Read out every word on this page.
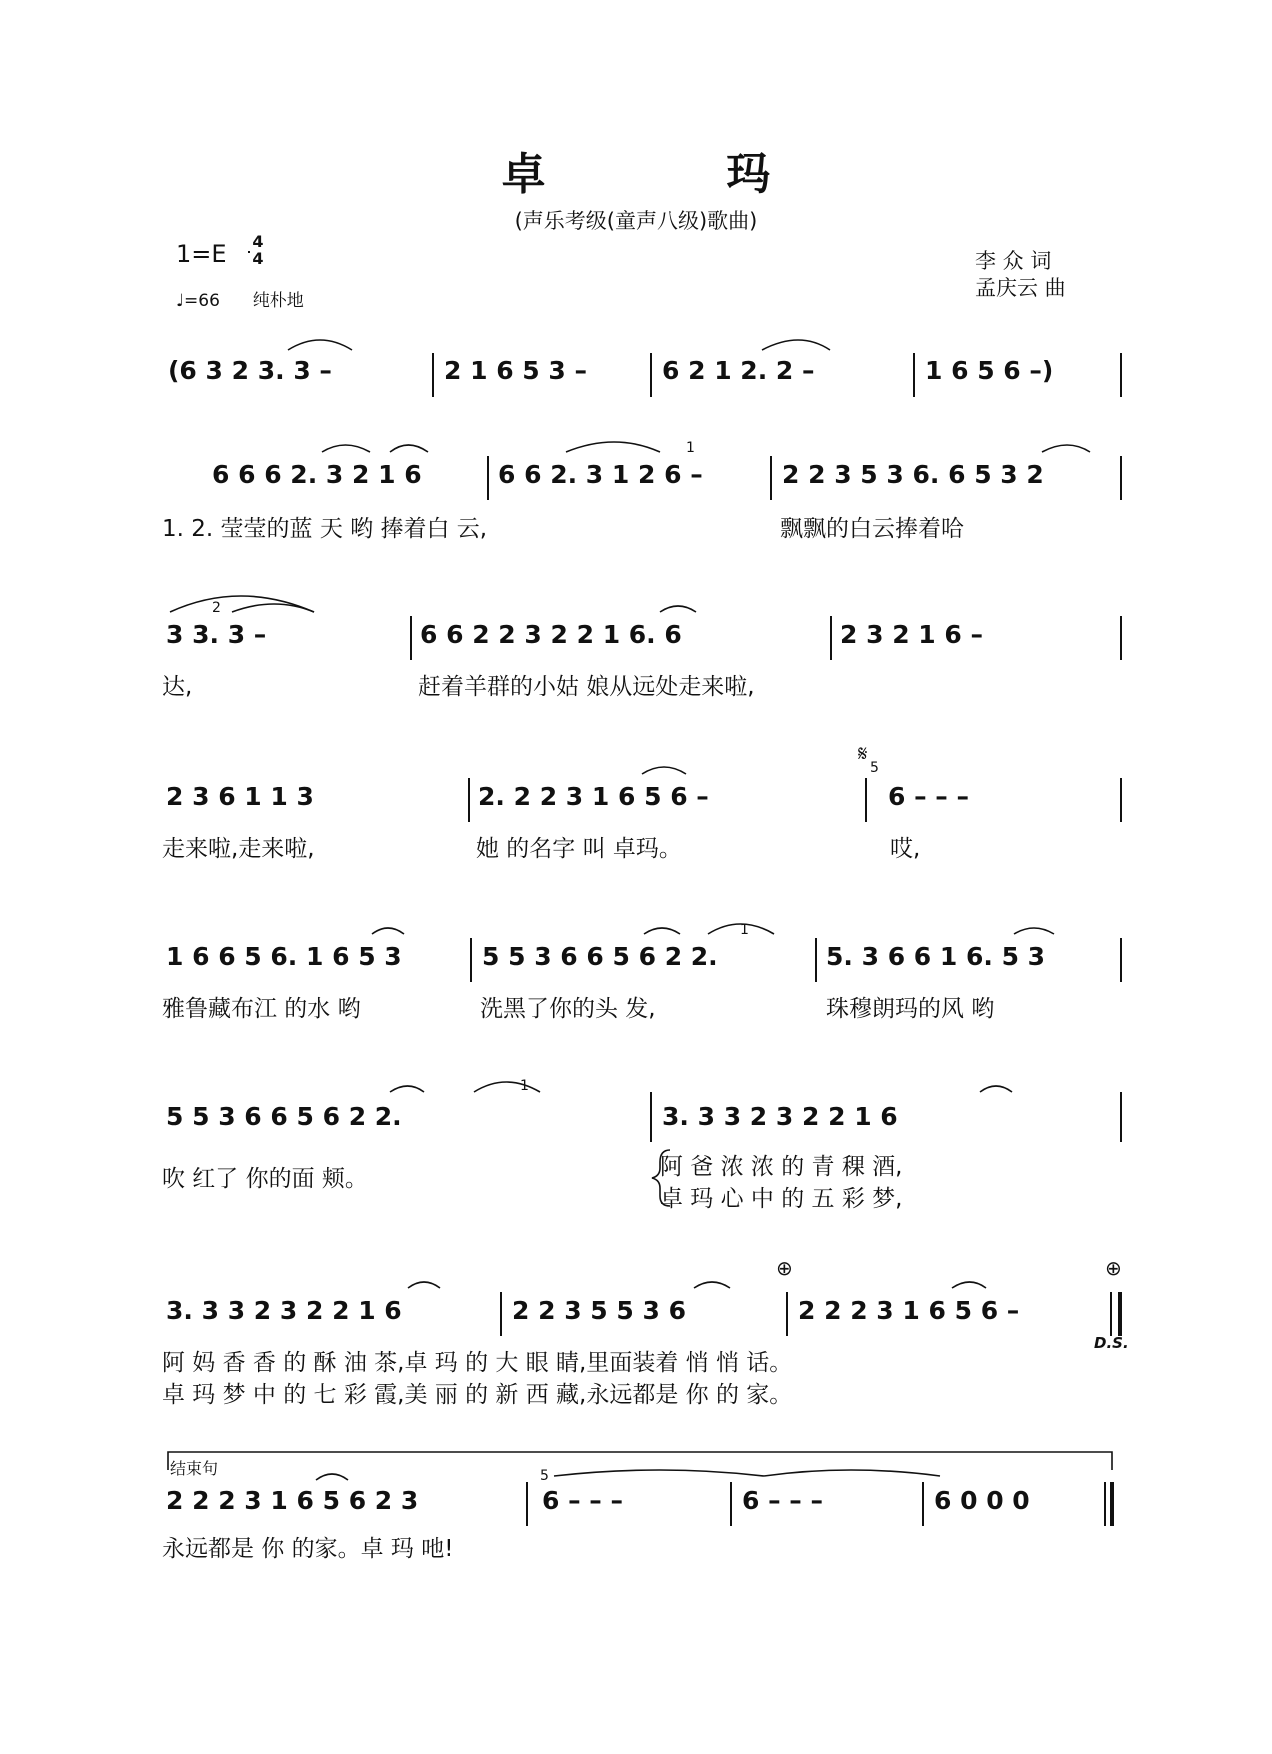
卓	玛
(声乐考级(童声八级)歌曲)
1=E 4
4
♩=66 纯朴地
李 众 词
孟庆云 曲
(6 3 2 3. 3 –	2 1 6 5 3 –	6 2 1 2. 2 –	1 6 5 6 –)
6 6 6 2. 3 2 1 6	6 6 2. 3 1 2 6 –	2 2 3 5 3 6. 6 5 3 2
1. 2. 莹莹的蓝 天 哟 捧着白 云,	飘飘的白云捧着哈
3 3. 3 –	6 6 2 2 3 2 2 1 6. 6	2 3 2 1 6 –
达,	赶着羊群的小姑 娘从远处走来啦,
2 3 6 1 1 3	2. 2 2 3 1 6 5 6 –	6 – – –
𝄋
走来啦,走来啦,	她 的名字 叫 卓玛。	哎,
1 6 6 5 6. 1 6 5 3	5 5 3 6 6 5 6 2 2.	5. 3 6 6 1 6. 5 3
雅鲁藏布江 的水 哟	洗黑了你的头 发,	珠穆朗玛的风 哟
5 5 3 6 6 5 6 2 2.	3. 3 3 2 3 2 2 1 6
吹 红了 你的面 颊。	阿 爸 浓 浓 的 青 稞 酒,
卓 玛 心 中 的 五 彩 梦,
3. 3 3 2 3 2 2 1 6	2 2 3 5 5 3 6	2 2 2 3 1 6 5 6 –
⊕	⊕
D.S.
阿 妈 香 香 的 酥 油 茶,卓 玛 的 大 眼 睛,里面装着 悄 悄 话。
卓 玛 梦 中 的 七 彩 霞,美 丽 的 新 西 藏,永远都是 你 的 家。
结束句
2 2 2 3 1 6 5 6 2 3	6 – – –	6 – – –	6 0 0 0
永远都是 你 的家。卓 玛 吔!
1
1
2
5
1
5
